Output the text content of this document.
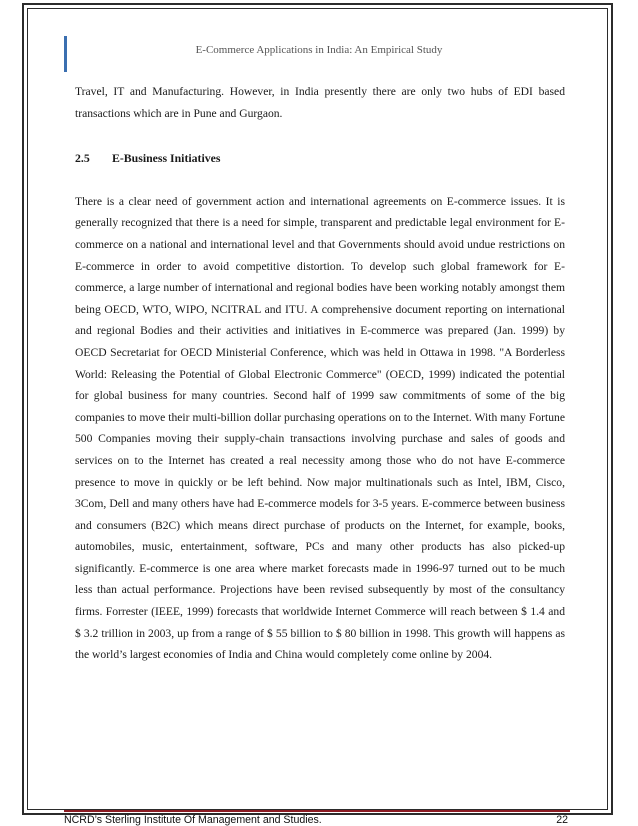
E-Commerce Applications in India: An Empirical Study

Travel, IT and Manufacturing. However, in India presently there are only two hubs of EDI based transactions which are in Pune and Gurgaon.

2.5 E-Business Initiatives

There is a clear need of government action and international agreements on E-commerce issues. It is generally recognized that there is a need for simple, transparent and predictable legal environment for E-commerce on a national and international level and that Governments should avoid undue restrictions on E-commerce in order to avoid competitive distortion. To develop such global framework for E-commerce, a large number of international and regional bodies have been working notably amongst them being OECD, WTO, WIPO, NCITRAL and ITU. A comprehensive document reporting on international and regional Bodies and their activities and initiatives in E-commerce was prepared (Jan. 1999) by OECD Secretariat for OECD Ministerial Conference, which was held in Ottawa in 1998. "A Borderless World: Releasing the Potential of Global Electronic Commerce" (OECD, 1999) indicated the potential for global business for many countries. Second half of 1999 saw commitments of some of the big companies to move their multi-billion dollar purchasing operations on to the Internet. With many Fortune 500 Companies moving their supply-chain transactions involving purchase and sales of goods and services on to the Internet has created a real necessity among those who do not have E-commerce presence to move in quickly or be left behind. Now major multinationals such as Intel, IBM, Cisco, 3Com, Dell and many others have had E-commerce models for 3-5 years. E-commerce between business and consumers (B2C) which means direct purchase of products on the Internet, for example, books, automobiles, music, entertainment, software, PCs and many other products has also picked-up significantly. E-commerce is one area where market forecasts made in 1996-97 turned out to be much less than actual performance. Projections have been revised subsequently by most of the consultancy firms. Forrester (IEEE, 1999) forecasts that worldwide Internet Commerce will reach between $ 1.4 and $ 3.2 trillion in 2003, up from a range of $ 55 billion to $ 80 billion in 1998. This growth will happens as the world’s largest economies of India and China would completely come online by 2004.

NCRD’s Sterling Institute Of Management and Studies.	22
